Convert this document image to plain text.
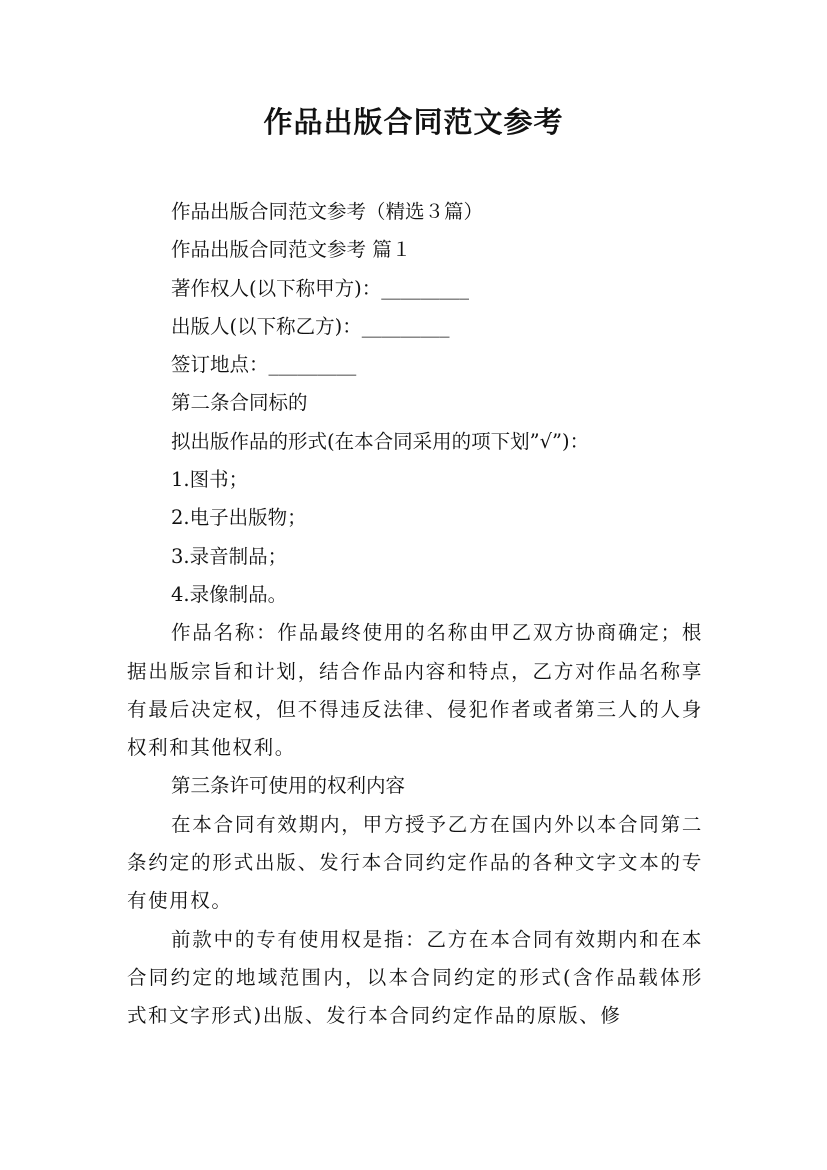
作品出版合同范文参考

作品出版合同范文参考（精选３篇）

作品出版合同范文参考 篇１

著作权人(以下称甲方)：_________

出版人(以下称乙方)：_________

签订地点：_________

第二条合同标的

拟出版作品的形式(在本合同采用的项下划”√”)：

1.图书；

2.电子出版物；

3.录音制品；

4.录像制品。

作品名称：作品最终使用的名称由甲乙双方协商确定；根据出版宗旨和计划，结合作品内容和特点，乙方对作品名称享有最后决定权，但不得违反法律、侵犯作者或者第三人的人身权利和其他权利。

第三条许可使用的权利内容

在本合同有效期内，甲方授予乙方在国内外以本合同第二条约定的形式出版、发行本合同约定作品的各种文字文本的专有使用权。

前款中的专有使用权是指：乙方在本合同有效期内和在本合同约定的地域范围内，以本合同约定的形式(含作品载体形式和文字形式)出版、发行本合同约定作品的原版、修
